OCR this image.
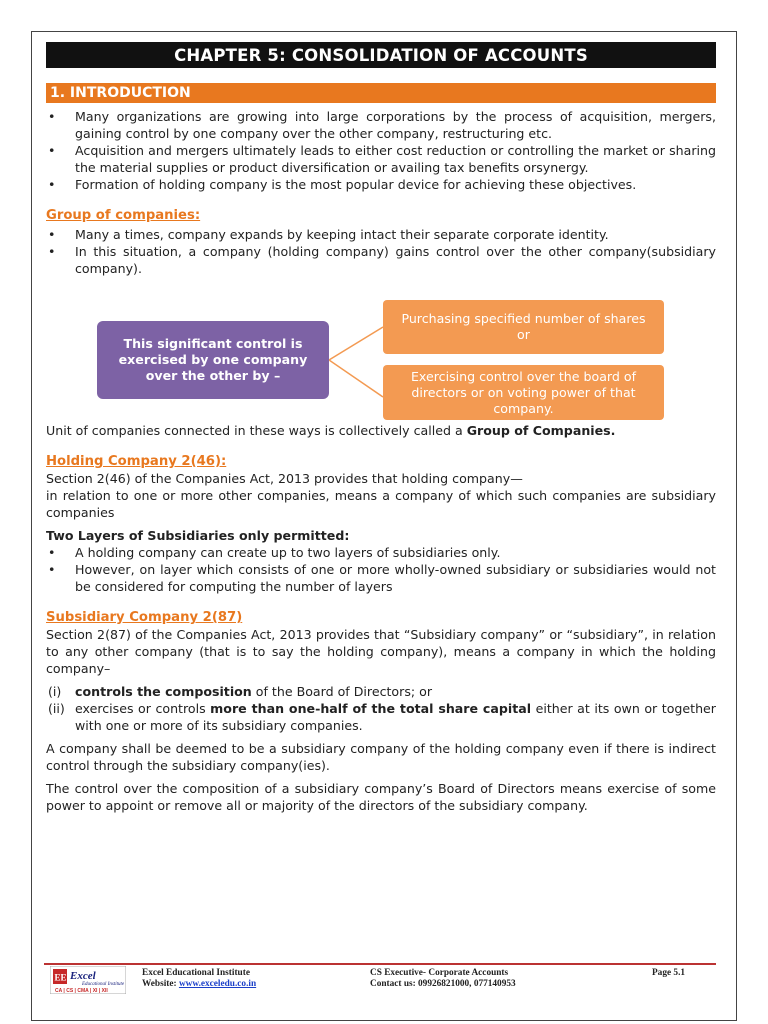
CHAPTER 5: CONSOLIDATION OF ACCOUNTS
1. INTRODUCTION
• Many organizations are growing into large corporations by the process of acquisition, mergers, gaining control by one company over the other company, restructuring etc.
• Acquisition and mergers ultimately leads to either cost reduction or controlling the market or sharing the material supplies or product diversification or availing tax benefits orsynergy.
• Formation of holding company is the most popular device for achieving these objectives.
Group of companies:
• Many a times, company expands by keeping intact their separate corporate identity.
• In this situation, a company (holding company) gains control over the other company(subsidiary company).
This significant control is exercised by one company over the other by –
Purchasing specified number of shares or
Exercising control over the board of directors or on voting power of that company.

Unit of companies connected in these ways is collectively called a Group of Companies.

Holding Company 2(46):

Section 2(46) of the Companies Act, 2013 provides that holding company—

in relation to one or more other companies, means a company of which such companies are subsidiary companies

Two Layers of Subsidiaries only permitted:
• A holding company can create up to two layers of subsidiaries only.
• However, on layer which consists of one or more wholly-owned subsidiary or subsidiaries would not be considered for computing the number of layers
Subsidiary Company 2(87)

Section 2(87) of the Companies Act, 2013 provides that “Subsidiary company” or “subsidiary”, in relation to any other company (that is to say the holding company), means a company in which the holding company–

(i) controls the composition of the Board of Directors; or
(ii) exercises or controls more than one-half of the total share capital either at its own or together with one or more of its subsidiary companies.

A company shall be deemed to be a subsidiary company of the holding company even if there is indirect control through the subsidiary company(ies).

The control over the composition of a subsidiary company’s Board of Directors means exercise of some power to appoint or remove all or majority of the directors of the subsidiary company.

EE Excel
Educational Institute
CA | CS | CMA | XI | XII
Excel Educational Institute
Website: www.exceledu.co.in
CS Executive- Corporate Accounts
Contact us: 09926821000, 077140953
Page 5.1
